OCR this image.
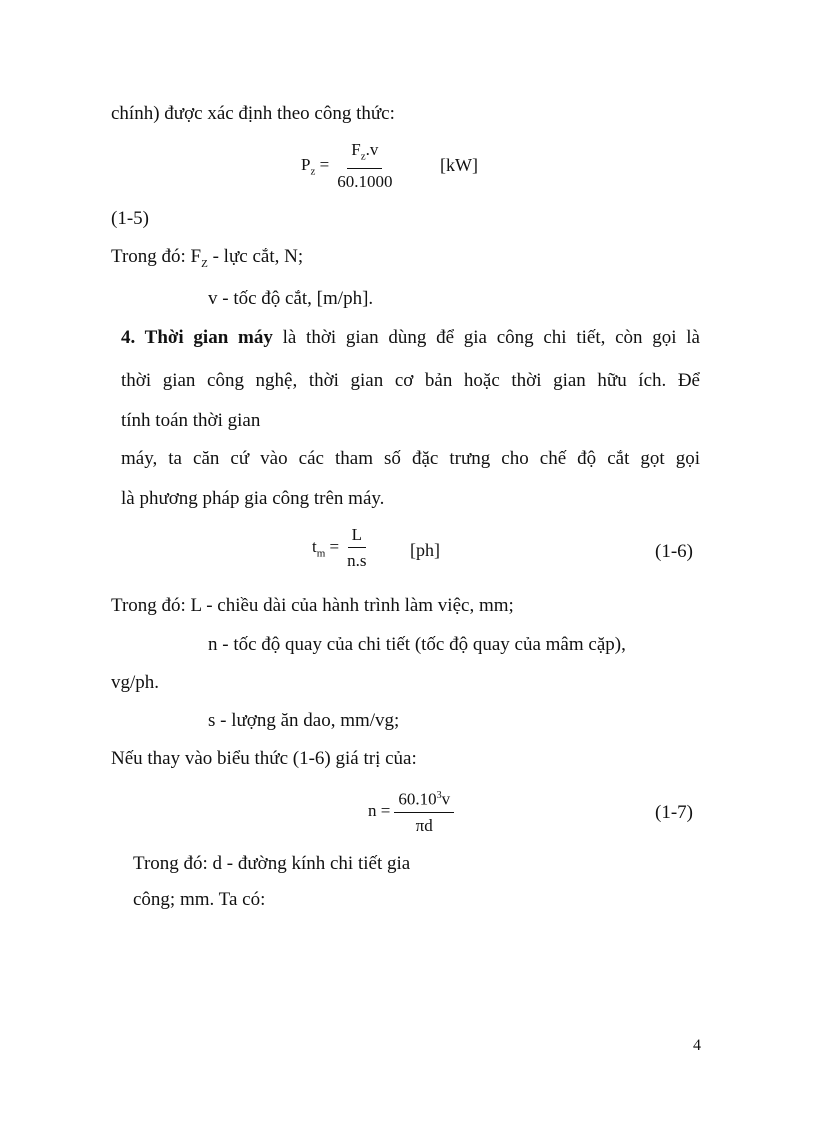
chính) được xác định theo công thức:
$P_z = \frac{F_z.v}{60.1000} [kW]$
(1-5)
Trong đó: $F_Z$ - lực cắt, N;
v - tốc độ cắt, [m/ph].
4. Thời gian máy là thời gian dùng để gia công chi tiết, còn gọi là
thời gian công nghệ, thời gian cơ bản hoặc thời gian hữu ích. Để
tính toán thời gian
máy, ta căn cứ vào các tham số đặc trưng cho chế độ cắt gọt gọi
là phương pháp gia công trên máy.
$t_m = \frac{L}{n.s} [ph]$	(1-6)
Trong đó: L - chiều dài của hành trình làm việc, mm;
n - tốc độ quay của chi tiết (tốc độ quay của mâm cặp),
vg/ph.
s - lượng ăn dao, mm/vg;
Nếu thay vào biểu thức (1-6) giá trị của:
$n = \frac{60.10^3v}{\pi d}$	(1-7)
Trong đó: d - đường kính chi tiết gia
công; mm. Ta có:
4
